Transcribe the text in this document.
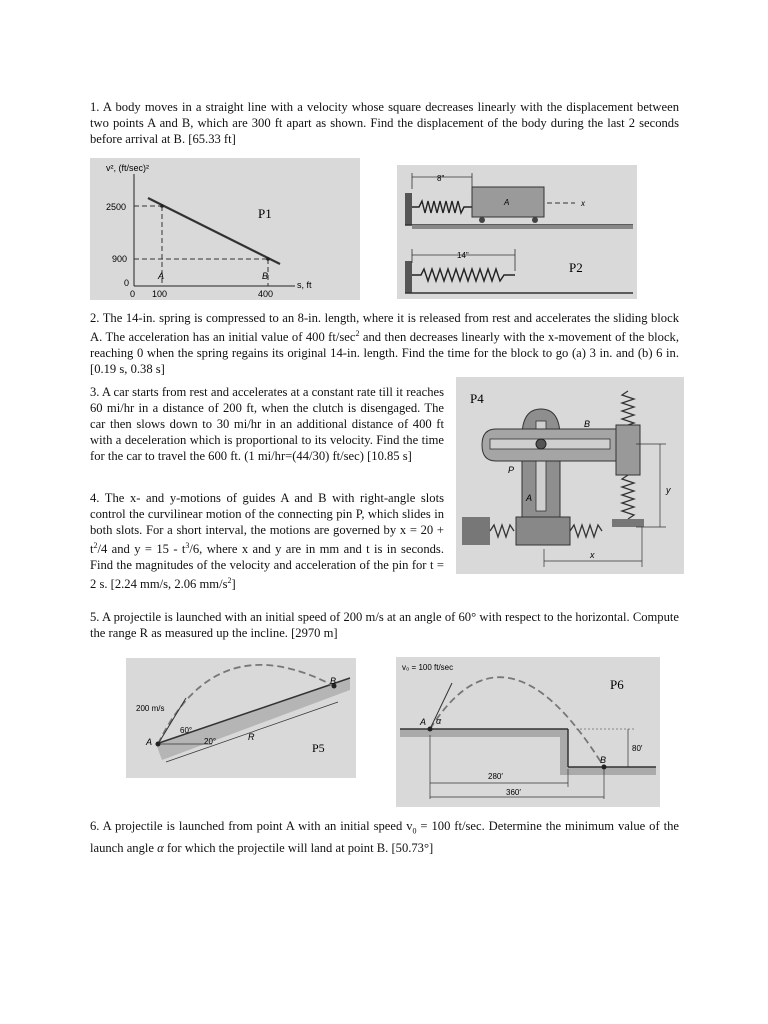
1. A body moves in a straight line with a velocity whose square decreases linearly with the displacement between two points A and B, which are 300 ft apart as shown. Find the displacement of the body during the last 2 seconds before arrival at B. [65.33 ft]

v², (ft/sec)²
2500
900
0
0 100	400
s, ft
A	B
P1
A	x
8"
14"
P2

2. The 14-in. spring is compressed to an 8-in. length, where it is released from rest and accelerates the sliding block A. The acceleration has an initial value of 400 $ft/\sec^2$ and then decreases linearly with the x-movement of the block, reaching 0 when the spring regains its original 14-in. length. Find the time for the block to go (a) 3 in. and (b) 6 in. [0.19 s, 0.38 s]

3. A car starts from rest and accelerates at a constant rate till it reaches 60 mi/hr in a distance of 200 ft, when the clutch is disengaged. The car then slows down to 30 mi/hr in an additional distance of 400 ft with a deceleration which is proportional to its velocity. Find the time for the car to travel the 600 ft. (1 mi/hr=(44/30) ft/sec) [10.85 s]

4. The x- and y-motions of guides A and B with right-angle slots control the curvilinear motion of the connecting pin P, which slides in both slots. For a short interval, the motions are governed by $x = 20 + t^2/4$ and $y = 15 - t^3/6$, where x and y are in mm and t is in seconds. Find the magnitudes of the velocity and acceleration of the pin for t = 2 s. [2.24 mm/s, 2.06 $mm/s^2$]

P4
B
P
A
y
x

5. A projectile is launched with an initial speed of 200 m/s at an angle of 60° with respect to the horizontal. Compute the range R as measured up the incline. [2970 m]

200 m/s
60°
20°	R
A
B
P5
v₀ = 100 ft/sec
α
A
B
80′
280′
360′
P6

6. A projectile is launched from point A with an initial speed $v_0 = 100$ ft/sec. Determine the minimum value of the launch angle α for which the projectile will land at point B. [50.73°]
